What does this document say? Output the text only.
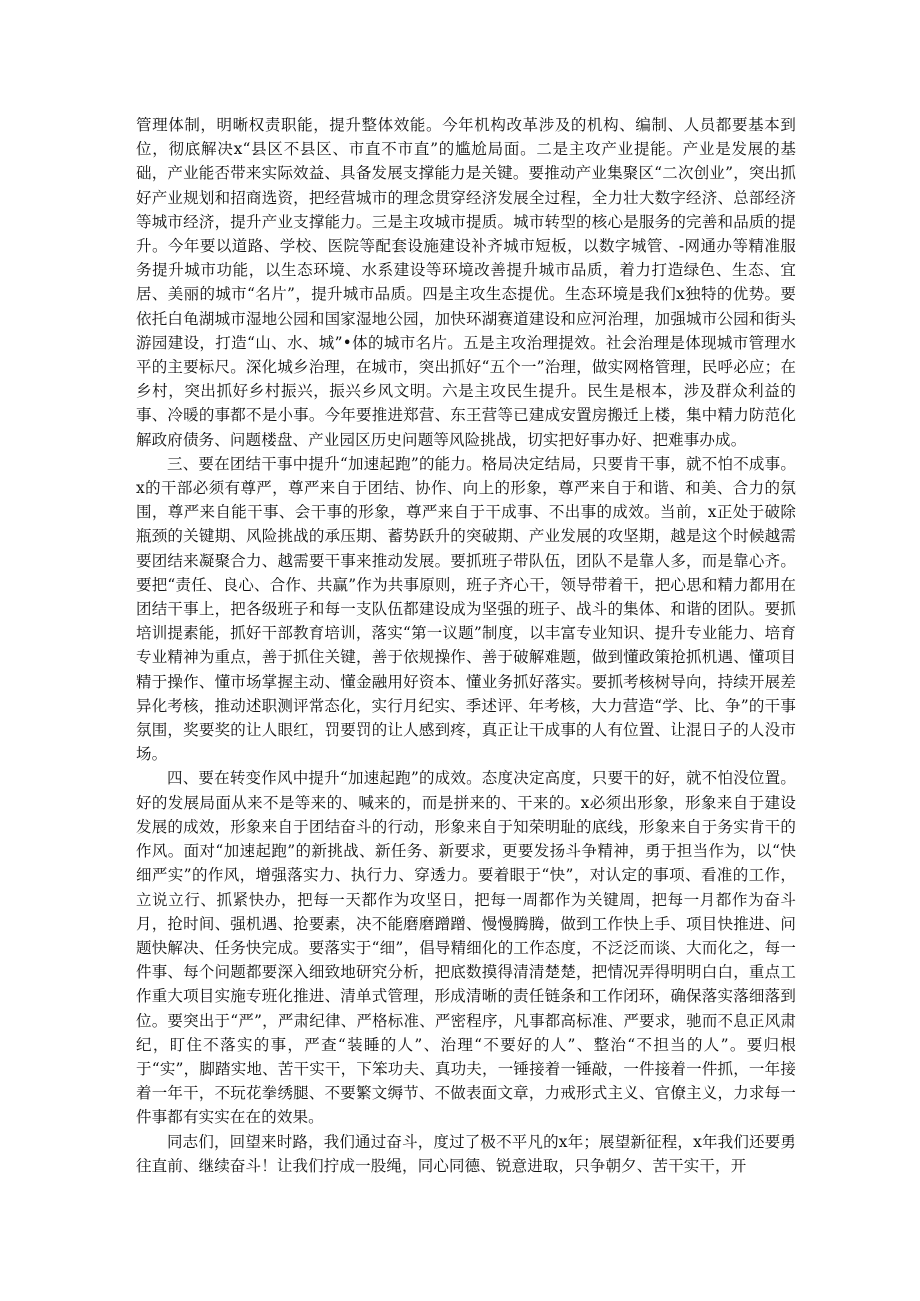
管理体制，明晰权责职能，提升整体效能。今年机构改革涉及的机构、编制、人员都要基本到位，彻底解决x“县区不县区、市直不市直”的尴尬局面。二是主攻产业提能。产业是发展的基础，产业能否带来实际效益、具备发展支撑能力是关键。要推动产业集聚区“二次创业”，突出抓好产业规划和招商选资，把经营城市的理念贯穿经济发展全过程，全力壮大数字经济、总部经济等城市经济，提升产业支撑能力。三是主攻城市提质。城市转型的核心是服务的完善和品质的提升。今年要以道路、学校、医院等配套设施建设补齐城市短板，以数字城管、-网通办等精准服务提升城市功能，以生态环境、水系建设等环境改善提升城市品质，着力打造绿色、生态、宜居、美丽的城市“名片”，提升城市品质。四是主攻生态提优。生态环境是我们x独特的优势。要依托白龟湖城市湿地公园和国家湿地公园，加快环湖赛道建设和应河治理，加强城市公园和街头游园建设，打造“山、水、城”•体的城市名片。五是主攻治理提效。社会治理是体现城市管理水平的主要标尺。深化城乡治理，在城市，突出抓好“五个一”治理，做实网格管理，民呼必应；在乡村，突出抓好乡村振兴，振兴乡风文明。六是主攻民生提升。民生是根本，涉及群众利益的事、冷暖的事都不是小事。今年要推进郑营、东王营等已建成安置房搬迁上楼，集中精力防范化解政府债务、问题楼盘、产业园区历史问题等风险挑战，切实把好事办好、把难事办成。

三、要在团结干事中提升“加速起跑”的能力。格局决定结局，只要肯干事，就不怕不成事。x的干部必须有尊严，尊严来自于团结、协作、向上的形象，尊严来自于和谐、和美、合力的氛围，尊严来自能干事、会干事的形象，尊严来自于干成事、不出事的成效。当前，x正处于破除瓶颈的关键期、风险挑战的承压期、蓄势跃升的突破期、产业发展的攻坚期，越是这个时候越需要团结来凝聚合力、越需要干事来推动发展。要抓班子带队伍，团队不是靠人多，而是靠心齐。要把“责任、良心、合作、共赢”作为共事原则，班子齐心干，领导带着干，把心思和精力都用在团结干事上，把各级班子和每一支队伍都建设成为坚强的班子、战斗的集体、和谐的团队。要抓培训提素能，抓好干部教育培训，落实“第一议题”制度，以丰富专业知识、提升专业能力、培育专业精神为重点，善于抓住关键，善于依规操作、善于破解难题，做到懂政策抢抓机遇、懂项目精于操作、懂市场掌握主动、懂金融用好资本、懂业务抓好落实。要抓考核树导向，持续开展差异化考核，推动述职测评常态化，实行月纪实、季述评、年考核，大力营造“学、比、争”的干事氛围，奖要奖的让人眼红，罚要罚的让人感到疼，真正让干成事的人有位置、让混日子的人没市场。

四、要在转变作风中提升“加速起跑”的成效。态度决定高度，只要干的好，就不怕没位置。好的发展局面从来不是等来的、喊来的，而是拼来的、干来的。x必须出形象，形象来自于建设发展的成效，形象来自于团结奋斗的行动，形象来自于知荣明耻的底线，形象来自于务实肯干的作风。面对“加速起跑”的新挑战、新任务、新要求，更要发扬斗争精神，勇于担当作为，以“快细严实”的作风，增强落实力、执行力、穿透力。要着眼于“快”，对认定的事项、看准的工作，立说立行、抓紧快办，把每一天都作为攻坚日，把每一周都作为关键周，把每一月都作为奋斗月，抢时间、强机遇、抢要素，决不能磨磨蹭蹭、慢慢腾腾，做到工作快上手、项目快推进、问题快解决、任务快完成。要落实于“细”，倡导精细化的工作态度，不泛泛而谈、大而化之，每一件事、每个问题都要深入细致地研究分析，把底数摸得清清楚楚，把情况弄得明明白白，重点工作重大项目实施专班化推进、清单式管理，形成清晰的责任链条和工作闭环，确保落实落细落到位。要突出于“严”，严肃纪律、严格标准、严密程序，凡事都高标准、严要求，驰而不息正风肃纪，盯住不落实的事，严查“装睡的人”、治理“不要好的人”、整治“不担当的人”。要归根于“实”，脚踏实地、苦干实干，下笨功夫、真功夫，一锤接着一锤敲，一件接着一件抓，一年接着一年干，不玩花拳绣腿、不要繁文缛节、不做表面文章，力戒形式主义、官僚主义，力求每一件事都有实实在在的效果。

同志们，回望来时路，我们通过奋斗，度过了极不平凡的x年；展望新征程，x年我们还要勇往直前、继续奋斗！让我们拧成一股绳，同心同德、锐意进取，只争朝夕、苦干实干，开
